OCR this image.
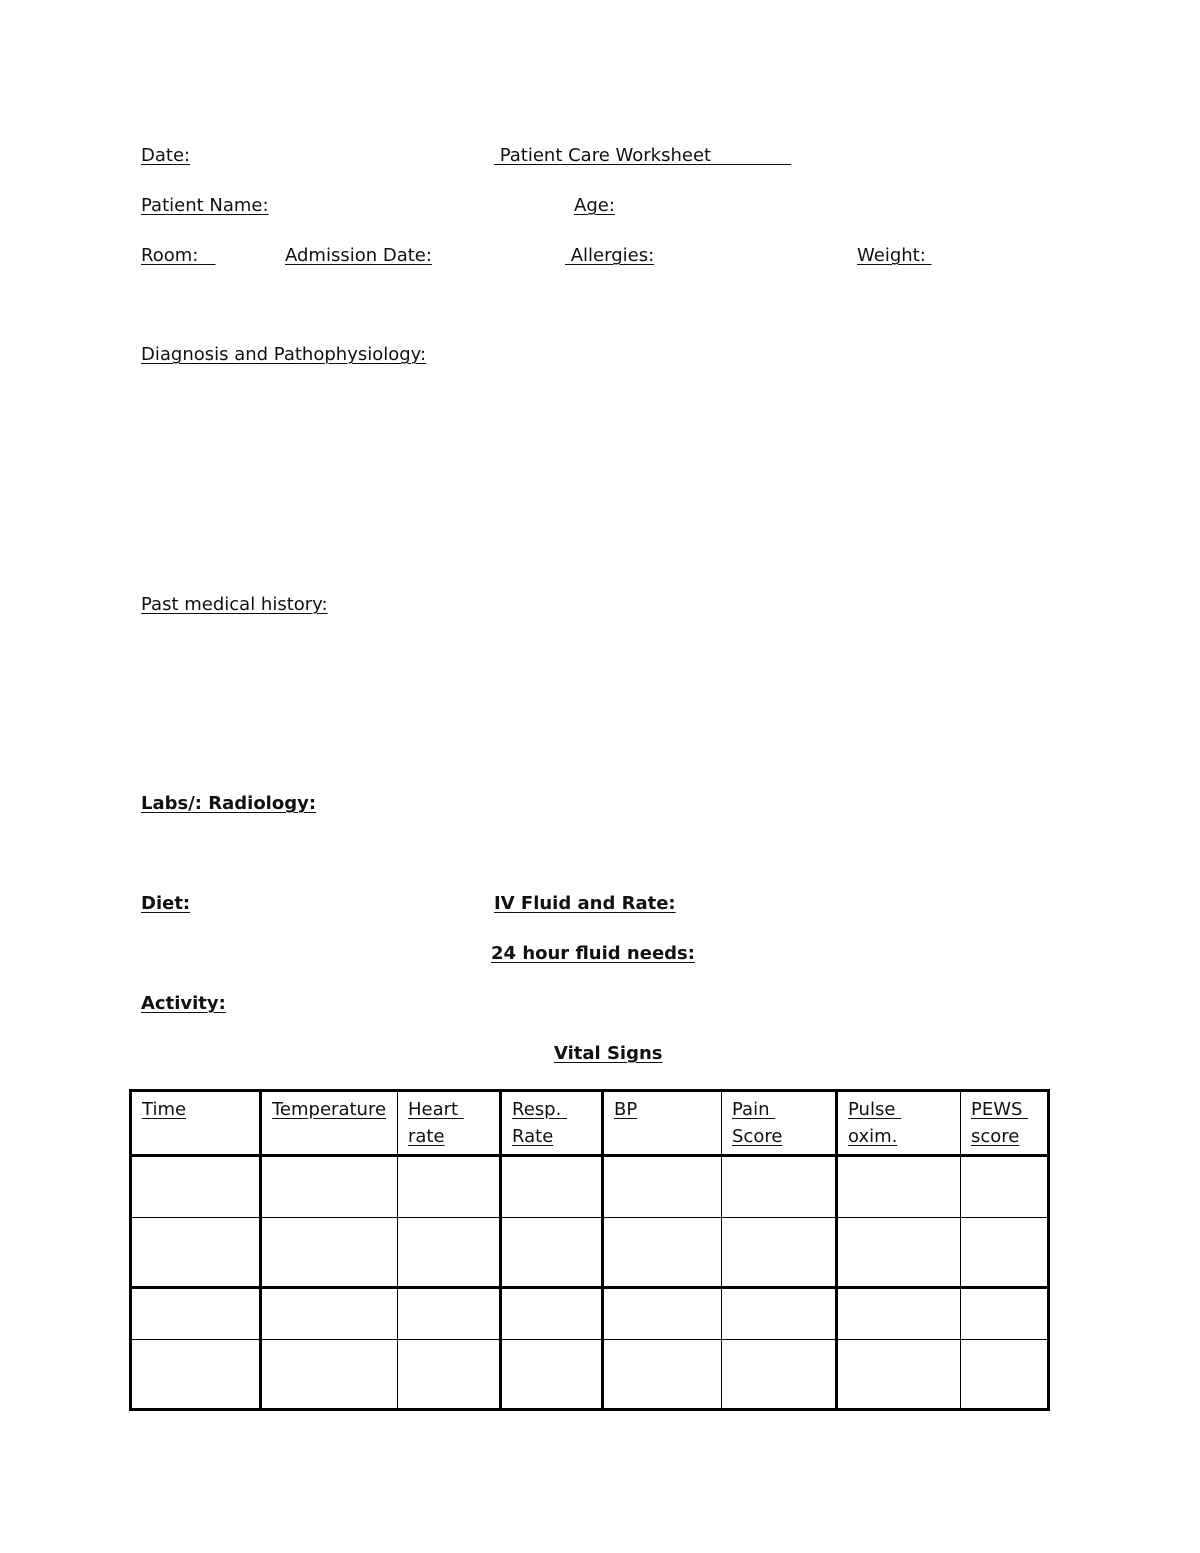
Date:	Patient Care Worksheet
Patient Name:	Age:
Room:	Admission Date:	Allergies:	Weight:
Diagnosis and Pathophysiology:
Past medical history:
Labs/: Radiology:
Diet:	IV Fluid and Rate:
24 hour fluid needs:
Activity:
Vital Signs
Time	Temperature	Heart rate	Resp. Rate	BP	Pain Score	Pulse oxim.	PEWS score
